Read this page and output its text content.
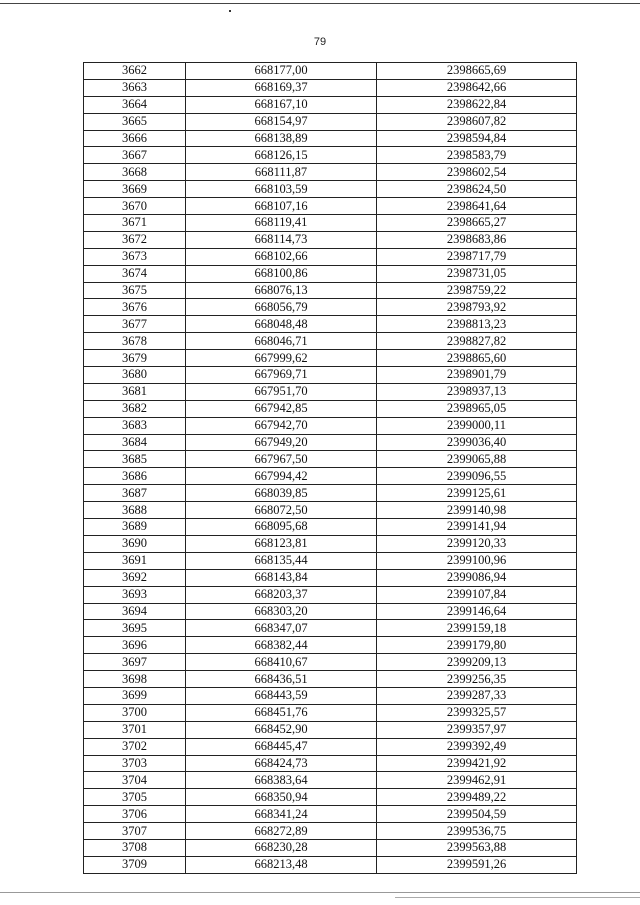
79
3662	668177,00	2398665,69
3663	668169,37	2398642,66
3664	668167,10	2398622,84
3665	668154,97	2398607,82
3666	668138,89	2398594,84
3667	668126,15	2398583,79
3668	668111,87	2398602,54
3669	668103,59	2398624,50
3670	668107,16	2398641,64
3671	668119,41	2398665,27
3672	668114,73	2398683,86
3673	668102,66	2398717,79
3674	668100,86	2398731,05
3675	668076,13	2398759,22
3676	668056,79	2398793,92
3677	668048,48	2398813,23
3678	668046,71	2398827,82
3679	667999,62	2398865,60
3680	667969,71	2398901,79
3681	667951,70	2398937,13
3682	667942,85	2398965,05
3683	667942,70	2399000,11
3684	667949,20	2399036,40
3685	667967,50	2399065,88
3686	667994,42	2399096,55
3687	668039,85	2399125,61
3688	668072,50	2399140,98
3689	668095,68	2399141,94
3690	668123,81	2399120,33
3691	668135,44	2399100,96
3692	668143,84	2399086,94
3693	668203,37	2399107,84
3694	668303,20	2399146,64
3695	668347,07	2399159,18
3696	668382,44	2399179,80
3697	668410,67	2399209,13
3698	668436,51	2399256,35
3699	668443,59	2399287,33
3700	668451,76	2399325,57
3701	668452,90	2399357,97
3702	668445,47	2399392,49
3703	668424,73	2399421,92
3704	668383,64	2399462,91
3705	668350,94	2399489,22
3706	668341,24	2399504,59
3707	668272,89	2399536,75
3708	668230,28	2399563,88
3709	668213,48	2399591,26
